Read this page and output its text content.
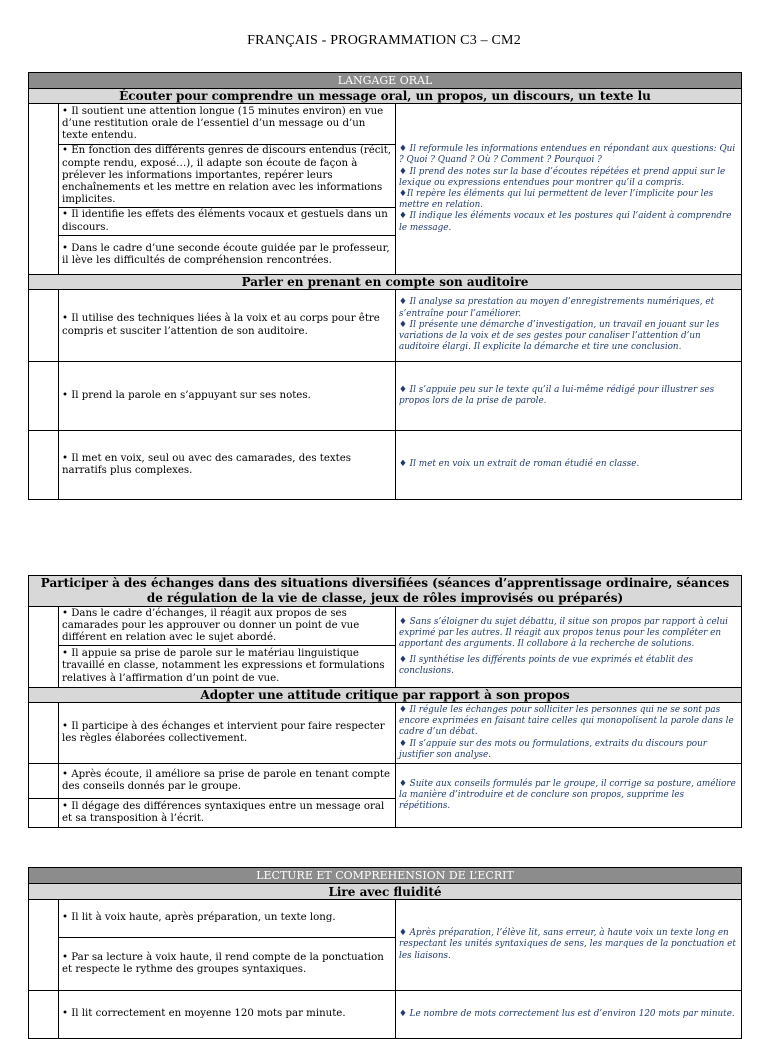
FRANÇAIS - PROGRAMMATION C3 – CM2
LANGAGE ORAL		
Écouter pour comprendre un message oral, un propos, un discours, un texte lu		
	• Il soutient une attention longue (15 minutes environ) en vue d’une restitution orale de l’essentiel d’un message ou d’un texte entendu.	♦ Il reformule les informations entendues en répondant aux questions: Qui ? Quoi ? Quand ? Où ? Comment ? Pourquoi ?

♦ Il prend des notes sur la base d’écoutes répétées et prend appui sur le lexique ou expressions entendues pour montrer qu’il a compris.

♦Il repère les éléments qui lui permettent de lever l’implicite pour les mettre en relation.

♦ Il indique les éléments vocaux et les postures qui l’aident à comprendre le message.

	• En fonction des différents genres de discours entendus (récit, compte rendu, exposé…), il adapte son écoute de façon à prélever les informations importantes, repérer leurs enchaînements et les mettre en relation avec les informations implicites.	
	• Il identifie les effets des éléments vocaux et gestuels dans un discours.	
	• Dans le cadre d’une seconde écoute guidée par le professeur, il lève les difficultés de compréhension rencontrées.	
Parler en prenant en compte son auditoire		
	• Il utilise des techniques liées à la voix et au corps pour être compris et susciter l’attention de son auditoire.	♦ Il analyse sa prestation au moyen d’enregistrements numériques, et s’entraîne pour l’améliorer.

♦ Il présente une démarche d’investigation, un travail en jouant sur les variations de la voix et de ses gestes pour canaliser l’attention d’un auditoire élargi. Il explicite la démarche et tire une conclusion.

	• Il prend la parole en s’appuyant sur ses notes.	♦ Il s’appuie peu sur le texte qu’il a lui-même rédigé pour illustrer ses propos lors de la prise de parole.

	• Il met en voix, seul ou avec des camarades, des textes narratifs plus complexes.	♦ Il met en voix un extrait de roman étudié en classe.

Participer à des échanges dans des situations diversifiées (séances d’apprentissage ordinaire, séances de régulation de la vie de classe, jeux de rôles improvisés ou préparés)		
	• Dans le cadre d’échanges, il réagit aux propos de ses camarades pour les approuver ou donner un point de vue différent en relation avec le sujet abordé.	♦ Sans s’éloigner du sujet débattu, il situe son propos par rapport à celui exprimé par les autres. Il réagit aux propos tenus pour les compléter en apportant des arguments. Il collabore à la recherche de solutions.

♦ Il synthétise les différents points de vue exprimés et établit des conclusions.

	• Il appuie sa prise de parole sur le matériau linguistique travaillé en classe, notamment les expressions et formulations relatives à l’affirmation d’un point de vue.	
Adopter une attitude critique par rapport à son propos		
	• Il participe à des échanges et intervient pour faire respecter les règles élaborées collectivement.	♦ Il régule les échanges pour solliciter les personnes qui ne se sont pas encore exprimées en faisant taire celles qui monopolisent la parole dans le cadre d’un débat.

♦ Il s’appuie sur des mots ou formulations, extraits du discours pour justifier son analyse.

	• Après écoute, il améliore sa prise de parole en tenant compte des conseils donnés par le groupe.	♦ Suite aux conseils formulés par le groupe, il corrige sa posture, améliore la manière d’introduire et de conclure son propos, supprime les répétitions.

	• Il dégage des différences syntaxiques entre un message oral et sa transposition à l’écrit.	
LECTURE ET COMPREHENSION DE L’ECRIT		
Lire avec fluidité		
	• Il lit à voix haute, après préparation, un texte long.	♦ Après préparation, l’élève lit, sans erreur, à haute voix un texte long en respectant les unités syntaxiques de sens, les marques de la ponctuation et les liaisons.

	• Par sa lecture à voix haute, il rend compte de la ponctuation et respecte le rythme des groupes syntaxiques.	
	• Il lit correctement en moyenne 120 mots par minute.	♦ Le nombre de mots correctement lus est d’environ 120 mots par minute.
